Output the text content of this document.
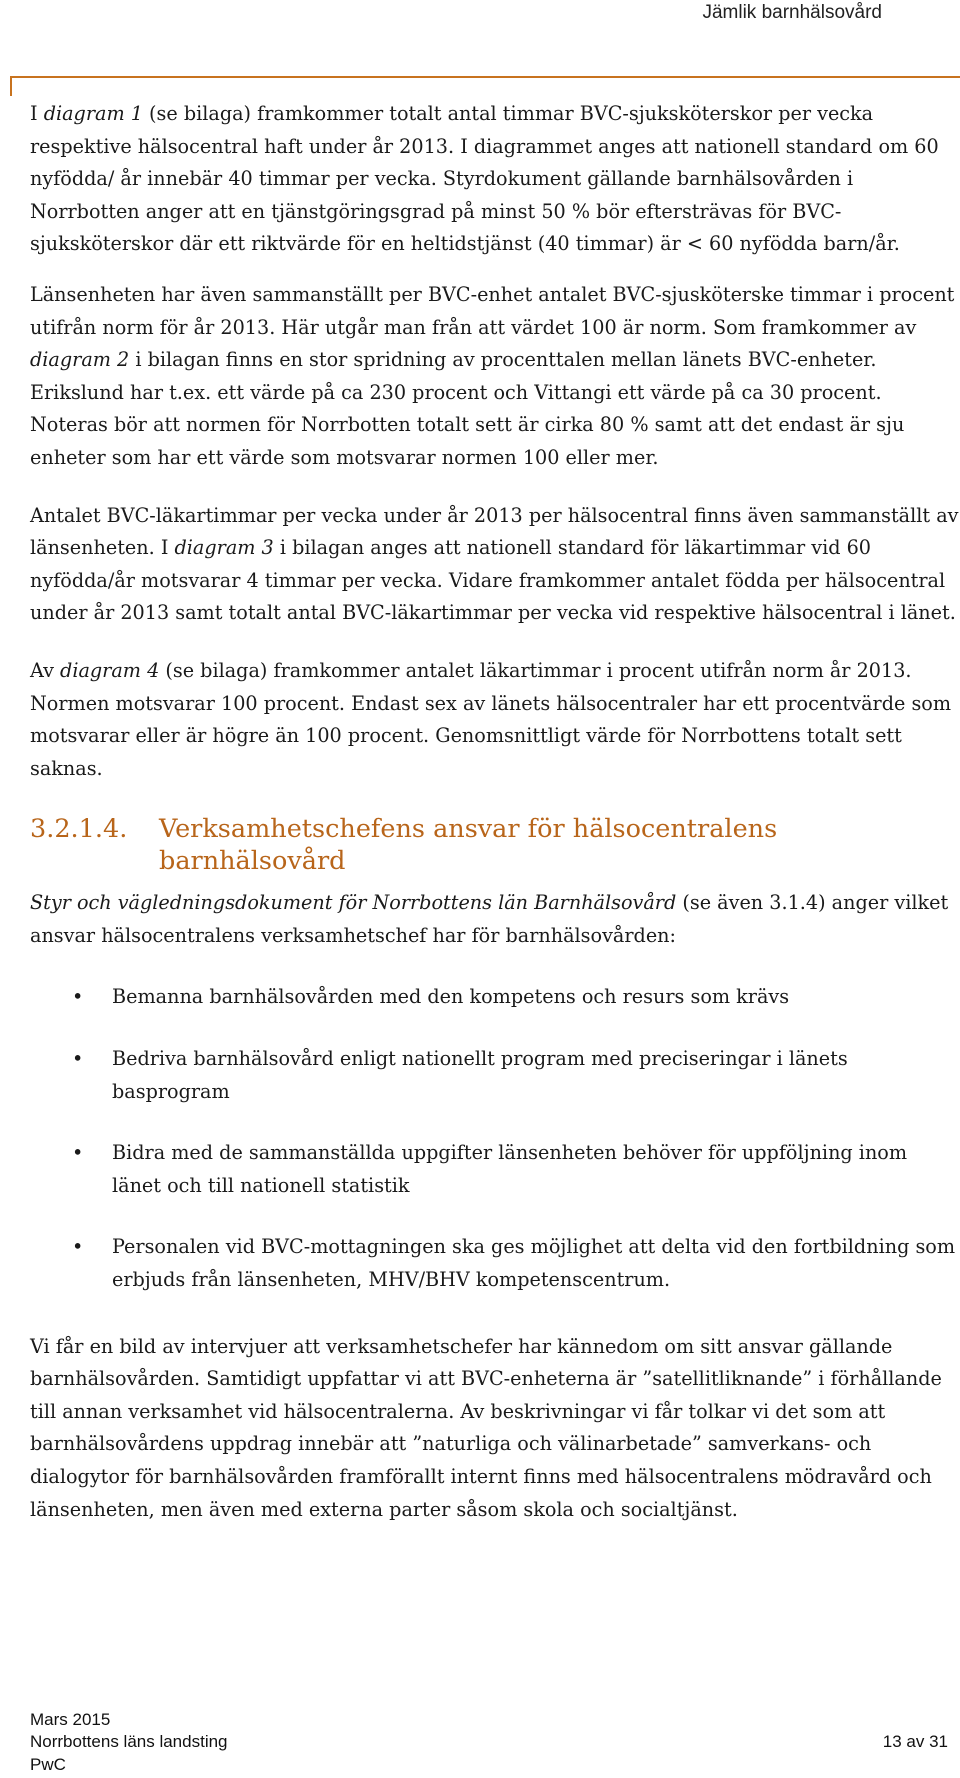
Jämlik barnhälsovård

I diagram 1 (se bilaga) framkommer totalt antal timmar BVC-sjuksköterskor per vecka respektive hälsocentral haft under år 2013. I diagrammet anges att nationell standard om 60 nyfödda/ år innebär 40 timmar per vecka. Styrdokument gällande barnhälsovården i Norrbotten anger att en tjänstgöringsgrad på minst 50 % bör eftersträvas för BVC-sjuksköterskor där ett riktvärde för en heltidstjänst (40 timmar) är < 60 nyfödda barn/år.

Länsenheten har även sammanställt per BVC-enhet antalet BVC-sjusköterske timmar i procent utifrån norm för år 2013. Här utgår man från att värdet 100 är norm. Som framkommer av diagram 2 i bilagan finns en stor spridning av procenttalen mellan länets BVC-enheter. Erikslund har t.ex. ett värde på ca 230 procent och Vittangi ett värde på ca 30 procent. Noteras bör att normen för Norrbotten totalt sett är cirka 80 % samt att det endast är sju enheter som har ett värde som motsvarar normen 100 eller mer.

Antalet BVC-läkartimmar per vecka under år 2013 per hälsocentral finns även sammanställt av länsenheten. I diagram 3 i bilagan anges att nationell standard för läkartimmar vid 60 nyfödda/år motsvarar 4 timmar per vecka. Vidare framkommer antalet födda per hälsocentral under år 2013 samt totalt antal BVC-läkartimmar per vecka vid respektive hälsocentral i länet.

Av diagram 4 (se bilaga) framkommer antalet läkartimmar i procent utifrån norm år 2013. Normen motsvarar 100 procent. Endast sex av länets hälsocentraler har ett procentvärde som motsvarar eller är högre än 100 procent. Genomsnittligt värde för Norrbottens totalt sett saknas.

3.2.1.4.	Verksamhetschefens ansvar för hälsocentralens barnhälsovård

Styr och vägledningsdokument för Norrbottens län Barnhälsovård (se även 3.1.4) anger vilket ansvar hälsocentralens verksamhetschef har för barnhälsovården:

• Bemanna barnhälsovården med den kompetens och resurs som krävs
• Bedriva barnhälsovård enligt nationellt program med preciseringar i länets basprogram
• Bidra med de sammanställda uppgifter länsenheten behöver för uppföljning inom länet och till nationell statistik
• Personalen vid BVC-mottagningen ska ges möjlighet att delta vid den fortbildning som erbjuds från länsenheten, MHV/BHV kompetenscentrum.

Vi får en bild av intervjuer att verksamhetschefer har kännedom om sitt ansvar gällande barnhälsovården. Samtidigt uppfattar vi att BVC-enheterna är ”satellitliknande” i förhållande till annan verksamhet vid hälsocentralerna. Av beskrivningar vi får tolkar vi det som att barnhälsovårdens uppdrag innebär att ”naturliga och välinarbetade” samverkans- och dialogytor för barnhälsovården framförallt internt finns med hälsocentralens mödravård och länsenheten, men även med externa parter såsom skola och socialtjänst.

Mars 2015
Norrbottens läns landsting
PwC
13 av 31
